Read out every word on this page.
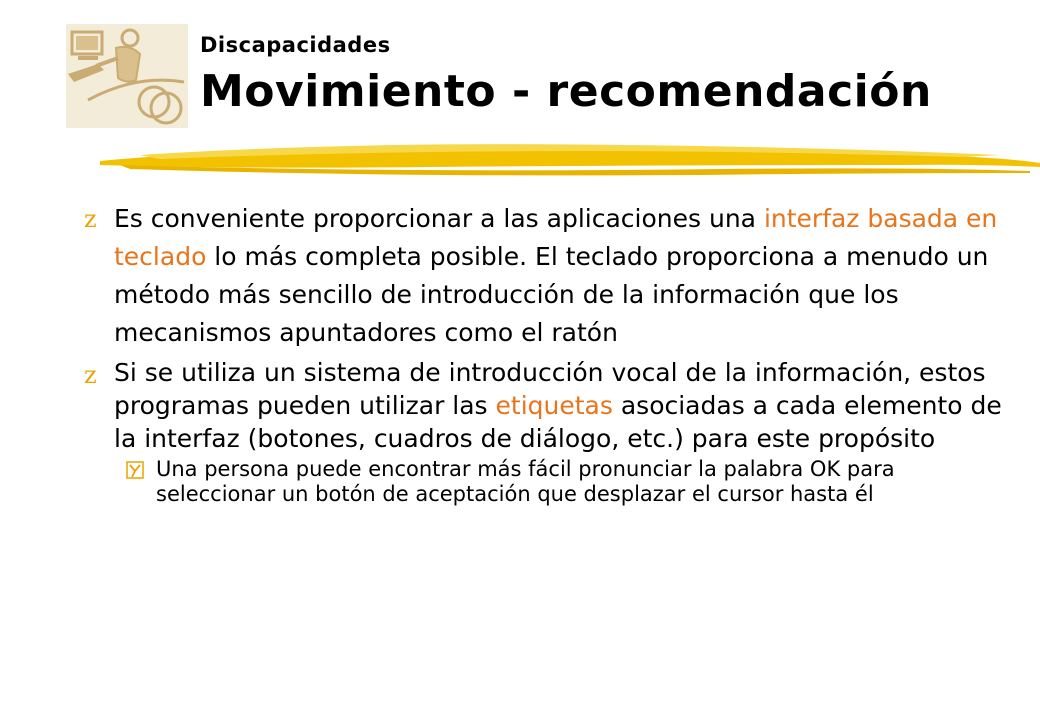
Discapacidades
Movimiento - recomendación
z Es conveniente proporcionar a las aplicaciones una interfaz basada en teclado lo más completa posible. El teclado proporciona a menudo un método más sencillo de introducción de la información que los mecanismos apuntadores como el ratón
z Si se utiliza un sistema de introducción vocal de la información, estos programas pueden utilizar las etiquetas asociadas a cada elemento de la interfaz (botones, cuadros de diálogo, etc.) para este propósito
Una persona puede encontrar más fácil pronunciar la palabra OK para seleccionar un botón de aceptación que desplazar el cursor hasta él
